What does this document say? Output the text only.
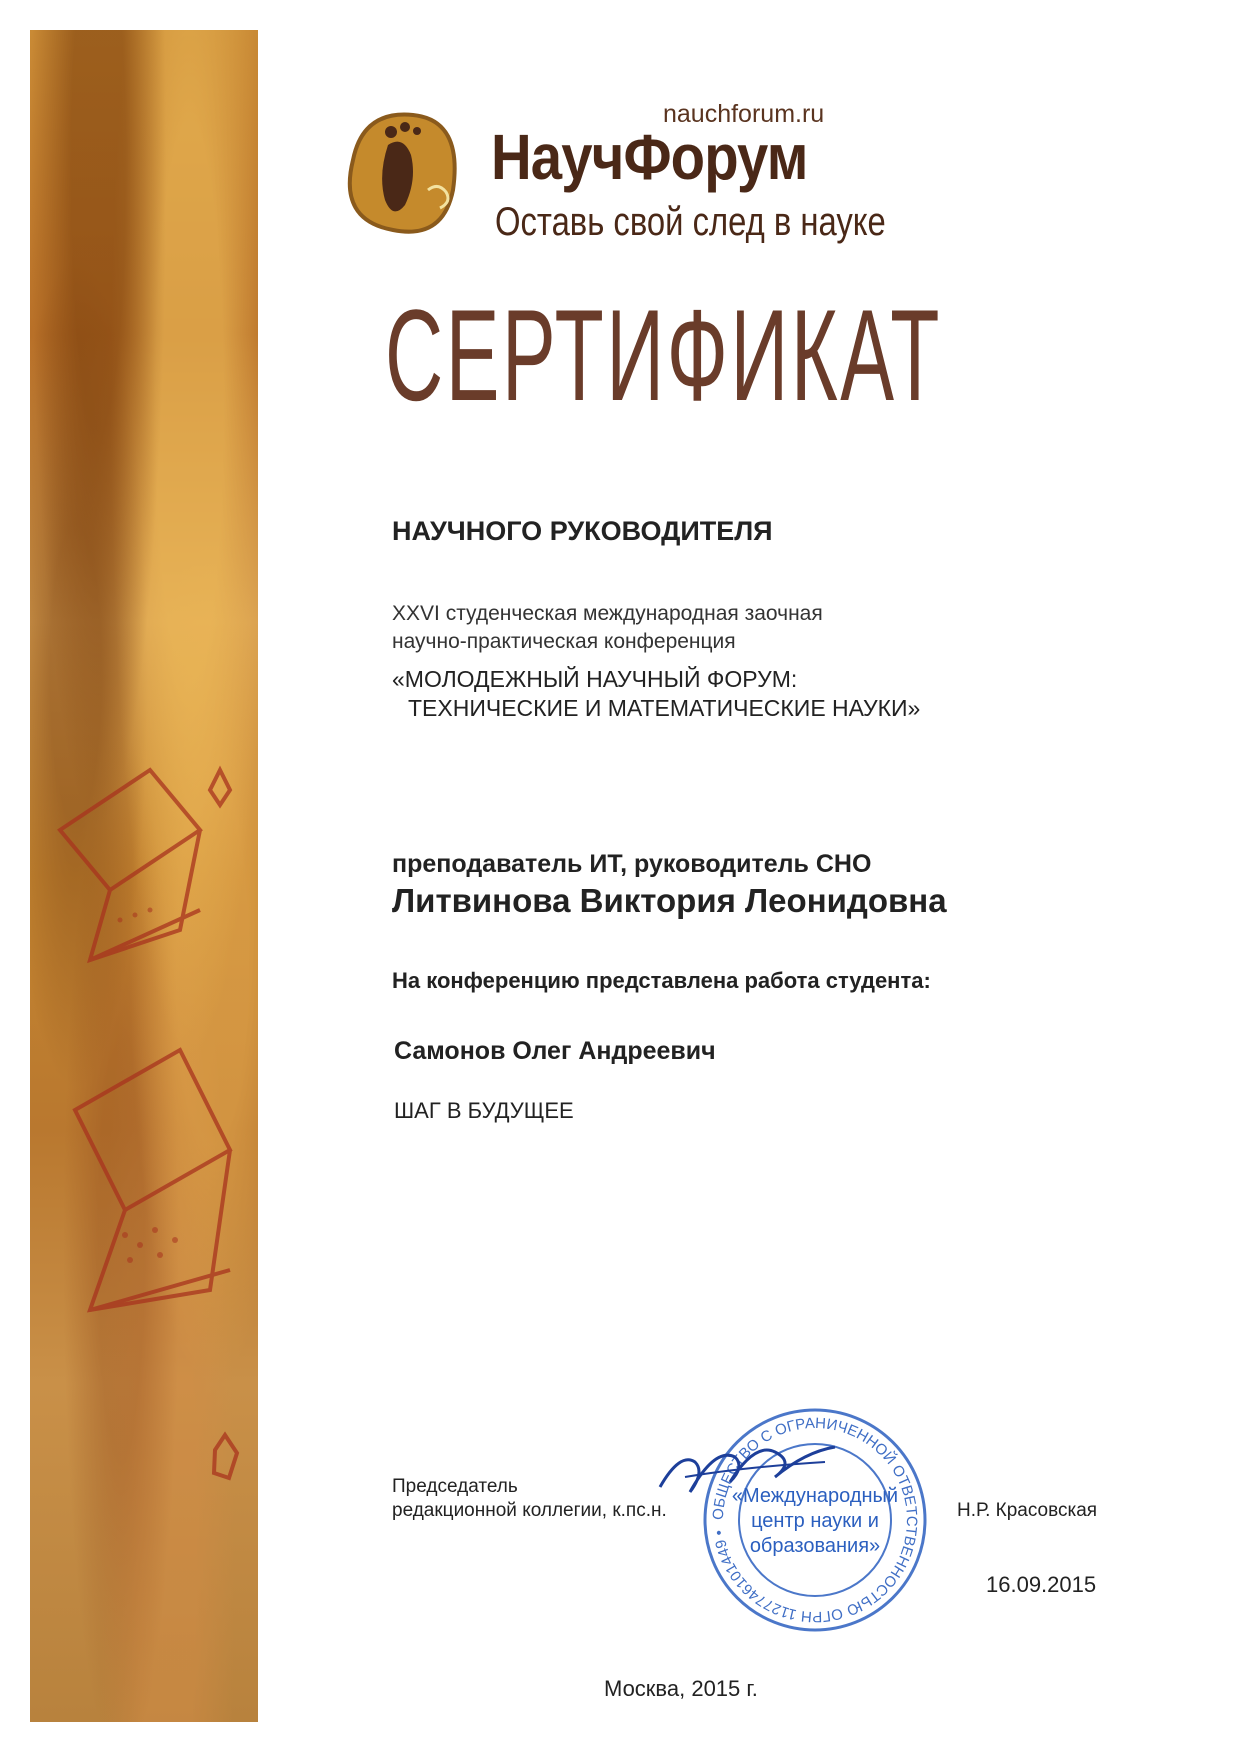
nauchforum.ru
НаучФорум
Оставь свой след в науке
СЕРТИФИКАТ
НАУЧНОГО РУКОВОДИТЕЛЯ
XXVI студенческая международная заочная
научно-практическая конференция
«МОЛОДЕЖНЫЙ НАУЧНЫЙ ФОРУМ:
ТЕХНИЧЕСКИЕ И МАТЕМАТИЧЕСКИЕ НАУКИ»
преподаватель ИТ, руководитель СНО
Литвинова Виктория Леонидовна
На конференцию представлена работа студента:
Самонов Олег Андреевич
ШАГ В БУДУЩЕЕ
Председатель
редакционной коллегии, к.пс.н.	ОБЩЕСТВО С ОГРАНИЧЕННОЙ ОТВЕТСТВЕННОСТЬЮ ОГРН 1127746101449 •
«Международный
центр науки и
образования»
Н.Р. Красовская
16.09.2015
Москва, 2015 г.
